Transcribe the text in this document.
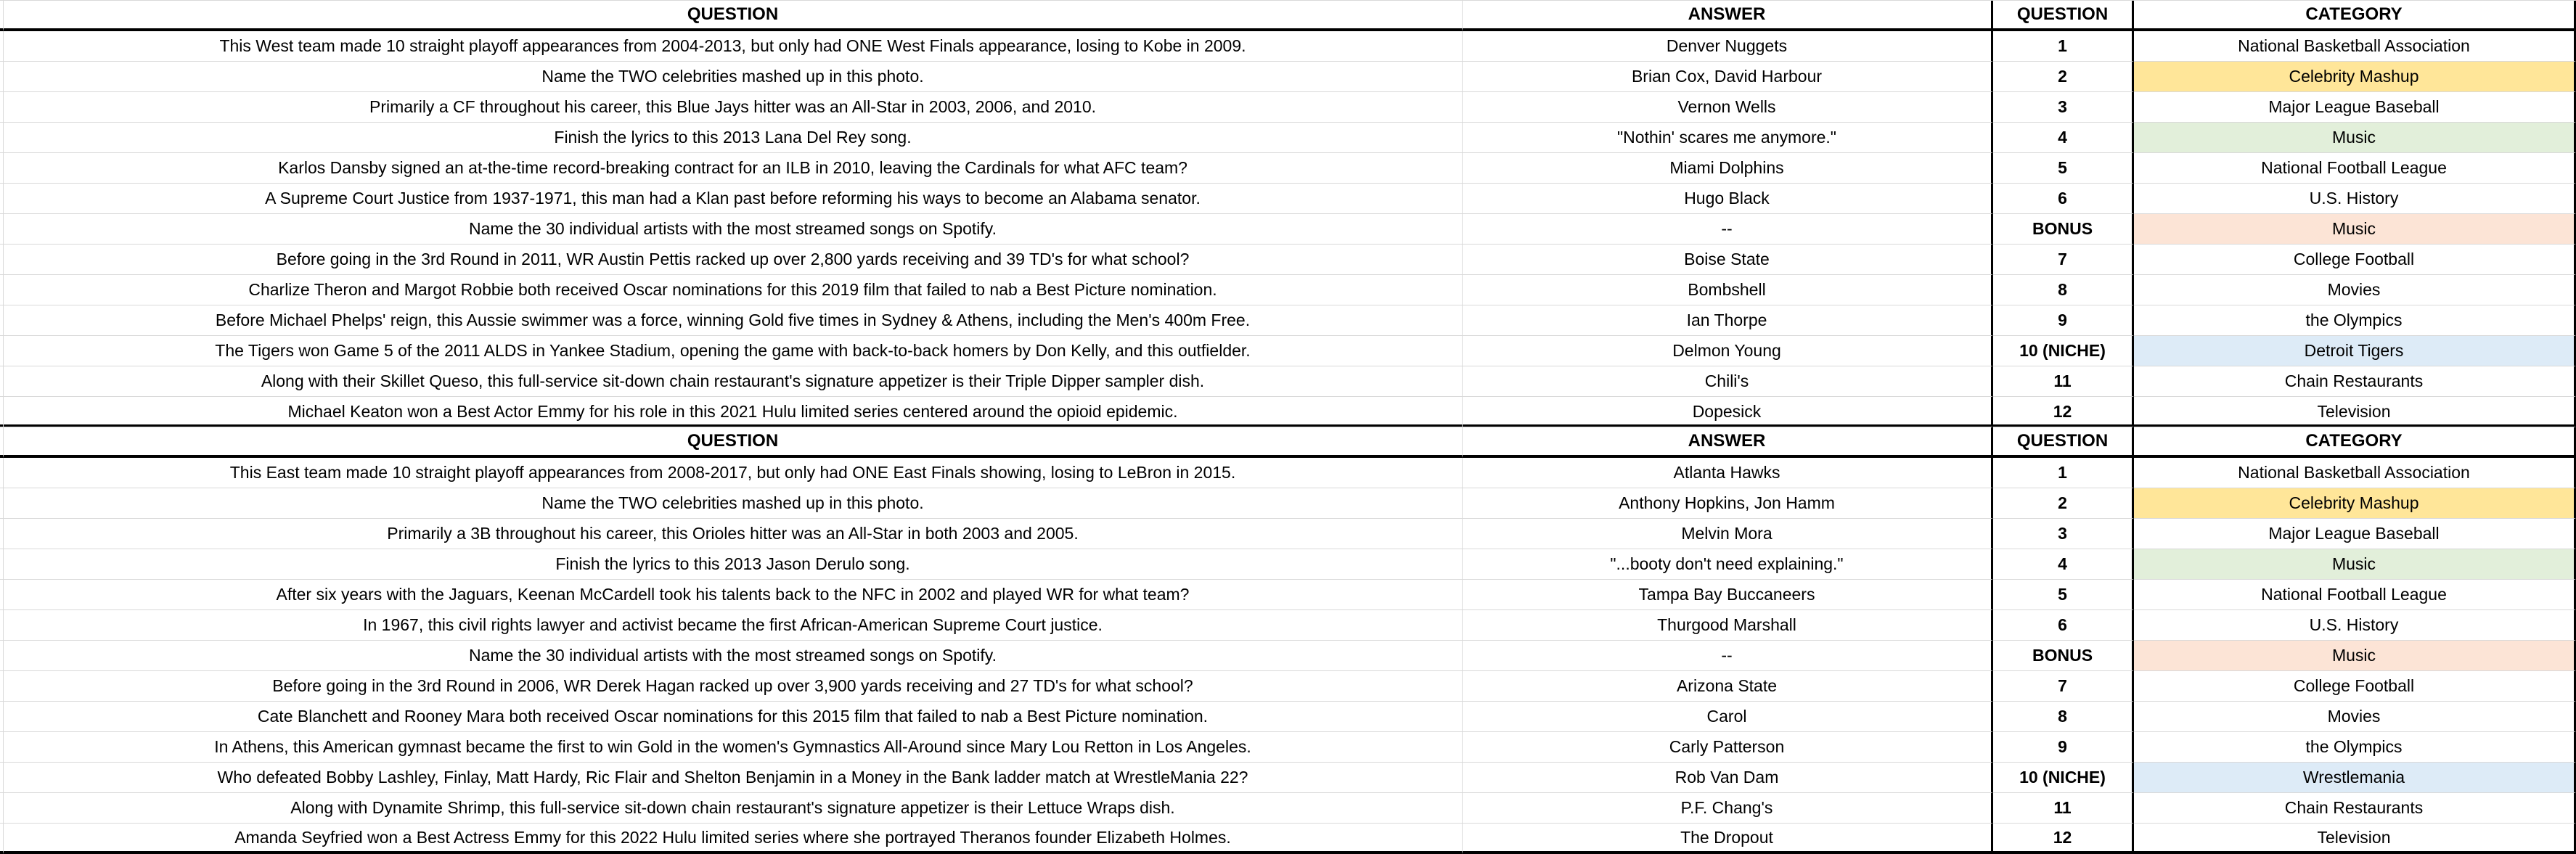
QUESTION	ANSWER	QUESTION	CATEGORY
This West team made 10 straight playoff appearances from 2004-2013, but only had ONE West Finals appearance, losing to Kobe in 2009.	Denver Nuggets	1	National Basketball Association
Name the TWO celebrities mashed up in this photo.	Brian Cox, David Harbour	2	Celebrity Mashup
Primarily a CF throughout his career, this Blue Jays hitter was an All-Star in 2003, 2006, and 2010.	Vernon Wells	3	Major League Baseball
Finish the lyrics to this 2013 Lana Del Rey song.	"Nothin' scares me anymore."	4	Music
Karlos Dansby signed an at-the-time record-breaking contract for an ILB in 2010, leaving the Cardinals for what AFC team?	Miami Dolphins	5	National Football League
A Supreme Court Justice from 1937-1971, this man had a Klan past before reforming his ways to become an Alabama senator.	Hugo Black	6	U.S. History
Name the 30 individual artists with the most streamed songs on Spotify.	--	BONUS	Music
Before going in the 3rd Round in 2011, WR Austin Pettis racked up over 2,800 yards receiving and 39 TD's for what school?	Boise State	7	College Football
Charlize Theron and Margot Robbie both received Oscar nominations for this 2019 film that failed to nab a Best Picture nomination.	Bombshell	8	Movies
Before Michael Phelps' reign, this Aussie swimmer was a force, winning Gold five times in Sydney & Athens, including the Men's 400m Free.	Ian Thorpe	9	the Olympics
The Tigers won Game 5 of the 2011 ALDS in Yankee Stadium, opening the game with back-to-back homers by Don Kelly, and this outfielder.	Delmon Young	10 (NICHE)	Detroit Tigers
Along with their Skillet Queso, this full-service sit-down chain restaurant's signature appetizer is their Triple Dipper sampler dish.	Chili's	11	Chain Restaurants
Michael Keaton won a Best Actor Emmy for his role in this 2021 Hulu limited series centered around the opioid epidemic.	Dopesick	12	Television
QUESTION	ANSWER	QUESTION	CATEGORY
This East team made 10 straight playoff appearances from 2008-2017, but only had ONE East Finals showing, losing to LeBron in 2015.	Atlanta Hawks	1	National Basketball Association
Name the TWO celebrities mashed up in this photo.	Anthony Hopkins, Jon Hamm	2	Celebrity Mashup
Primarily a 3B throughout his career, this Orioles hitter was an All-Star in both 2003 and 2005.	Melvin Mora	3	Major League Baseball
Finish the lyrics to this 2013 Jason Derulo song.	"...booty don't need explaining."	4	Music
After six years with the Jaguars, Keenan McCardell took his talents back to the NFC in 2002 and played WR for what team?	Tampa Bay Buccaneers	5	National Football League
In 1967, this civil rights lawyer and activist became the first African-American Supreme Court justice.	Thurgood Marshall	6	U.S. History
Name the 30 individual artists with the most streamed songs on Spotify.	--	BONUS	Music
Before going in the 3rd Round in 2006, WR Derek Hagan racked up over 3,900 yards receiving and 27 TD's for what school?	Arizona State	7	College Football
Cate Blanchett and Rooney Mara both received Oscar nominations for this 2015 film that failed to nab a Best Picture nomination.	Carol	8	Movies
In Athens, this American gymnast became the first to win Gold in the women's Gymnastics All-Around since Mary Lou Retton in Los Angeles.	Carly Patterson	9	the Olympics
Who defeated Bobby Lashley, Finlay, Matt Hardy, Ric Flair and Shelton Benjamin in a Money in the Bank ladder match at WrestleMania 22?	Rob Van Dam	10 (NICHE)	Wrestlemania
Along with Dynamite Shrimp, this full-service sit-down chain restaurant's signature appetizer is their Lettuce Wraps dish.	P.F. Chang's	11	Chain Restaurants
Amanda Seyfried won a Best Actress Emmy for this 2022 Hulu limited series where she portrayed Theranos founder Elizabeth Holmes.	The Dropout	12	Television
